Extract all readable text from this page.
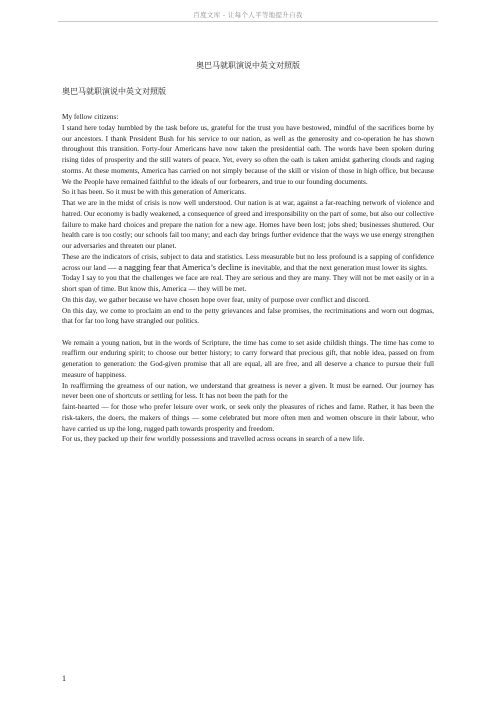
百度文库 - 让每个人平等地提升自我
奥巴马就职演说中英文对照版
奥巴马就职演说中英文对照版

My fellow citizens:

I stand here today humbled by the task before us, grateful for the trust you have bestowed, mindful of the sacrifices borne by our ancestors. I thank President Bush for his service to our nation, as well as the generosity and co-operation he has shown throughout this transition. Forty-four Americans have now taken the presidential oath. The words have been spoken during rising tides of prosperity and the still waters of peace. Yet, every so often the oath is taken amidst gathering clouds and raging storms. At these moments, America has carried on not simply because of the skill or vision of those in high office, but because We the People have remained faithful to the ideals of our forbearers, and true to our founding documents.

So it has been. So it must be with this generation of Americans.

That we are in the midst of crisis is now well understood. Our nation is at war, against a far-reaching network of violence and hatred. Our economy is badly weakened, a consequence of greed and irresponsibility on the part of some, but also our collective failure to make hard choices and prepare the nation for a new age. Homes have been lost; jobs shed; businesses shuttered. Our health care is too costly; our schools fail too many; and each day brings further evidence that the ways we use energy strengthen our adversaries and threaten our planet.

These are the indicators of crisis, subject to data and statistics. Less measurable but no less profound is a sapping of confidence across our land — a nagging fear that America’s decline is inevitable, and that the next generation must lower its sights.

Today I say to you that the challenges we face are real. They are serious and they are many. They will not be met easily or in a short span of time. But know this, America — they will be met.

On this day, we gather because we have chosen hope over fear, unity of purpose over conflict and discord.

On this day, we come to proclaim an end to the petty grievances and false promises, the recriminations and worn out dogmas, that for far too long have strangled our politics.

We remain a young nation, but in the words of Scripture, the time has come to set aside childish things. The time has come to reaffirm our enduring spirit; to choose our better history; to carry forward that precious gift, that noble idea, passed on from generation to generation: the God-given promise that all are equal, all are free, and all deserve a chance to pursue their full measure of happiness.

In reaffirming the greatness of our nation, we understand that greatness is never a given. It must be earned. Our journey has never been one of shortcuts or settling for less. It has not been the path for the

faint-hearted — for those who prefer leisure over work, or seek only the pleasures of riches and fame. Rather, it has been the risk-takers, the doers, the makers of things — some celebrated but more often men and women obscure in their labour, who have carried us up the long, rugged path towards prosperity and freedom.

For us, they packed up their few worldly possessions and travelled across oceans in search of a new life.

1
